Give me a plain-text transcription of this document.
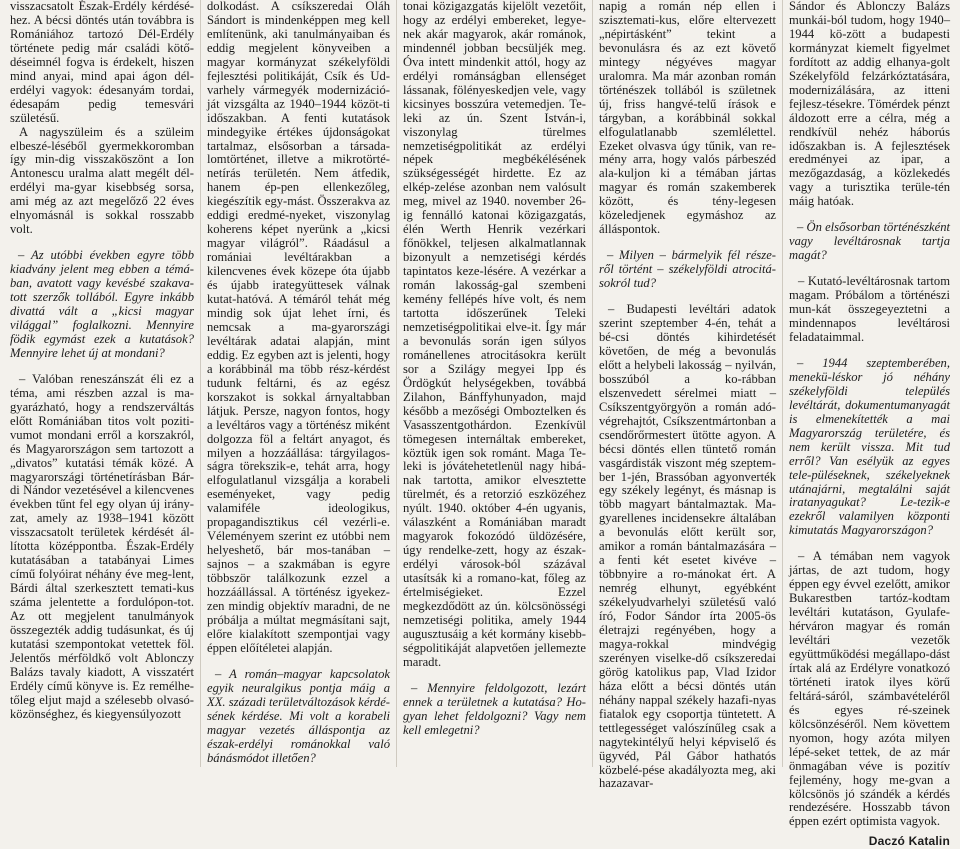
visszacsatolt Észak-Erdély kérdésé-hez. A bécsi döntés után továbbra is Romániához tartozó Dél-Erdély története pedig már családi kötő-déseimnél fogva is érdekelt, hiszen mind anyai, mind apai ágon dél-erdélyi vagyok: édesanyám tordai, édesapám pedig temesvári születésű.

A nagyszüleim és a szüleim elbeszé-léséből gyermekkoromban így min-dig visszaköszönt a Ion Antonescu uralma alatt megélt dél-erdélyi ma-gyar kisebbség sorsa, ami még az azt megelőző 22 éves elnyomásnál is sokkal rosszabb volt.

– Az utóbbi években egyre több kiadvány jelent meg ebben a témá-ban, avatott vagy kevésbé szakava-tott szerzők tollából. Egyre inkább divattá vált a „kicsi magyar világgal” foglalkozni. Mennyire födik egymást ezek a kutatások? Mennyire lehet új at mondani?

– Valóban reneszánszát éli ez a téma, ami részben azzal is ma-gyarázható, hogy a rendszerváltás előtt Romániában titos volt poziti-vumot mondani erről a korszakról, és Magyarországon sem tartozott a „divatos” kutatási témák közé. A magyarországi történetírásban Bár-di Nándor vezetésével a kilencvenes években tűnt fel egy olyan új irány-zat, amely az 1938–1941 között visszacsatolt területek kérdését ál-lította középpontba. Észak-Erdély kutatásában a tatabányai Limes című folyóirat néhány éve meg-lent, Bárdi által szerkesztett temati-kus száma jelentette a fordulópon-tot. Az ott megjelent tanulmányok összegezték addig tudásunkat, és új kutatási szempontokat vetettek föl. Jelentős mérföldkő volt Ablonczy Balázs tavaly kiadott, A visszatért Erdély című könyve is. Ez remélhe-tőleg eljut majd a szélesebb olvasó-közönséghez, és kiegyensúlyozott

dolkodást. A csíkszeredai Oláh Sándort is mindenképpen meg kell említenünk, aki tanulmányaiban és eddig megjelent könyveiben a magyar kormányzat székelyföldi fejlesztési politikáját, Csík és Ud-varhely vármegyék modernizáció-ját vizsgálta az 1940–1944 közöt-ti időszakban. A fenti kutatások mindegyike értékes újdonságokat tartalmaz, elsősorban a társada-lomtörténet, illetve a mikrotörté-netírás területén. Nem átfedik, hanem ép-pen ellenkezőleg, kiegészítik egy-mást. Összerakva az eddigi eredmé-nyeket, viszonylag koherens képet nyerünk a „kicsi magyar világról”. Ráadásul a romániai levéltárakban a kilencvenes évek közepe óta újabb és újabb irategyüttesek válnak kutat-hatóvá. A témáról tehát még mindig sok újat lehet írni, és nemcsak a ma-gyarországi levéltárak adatai alapján, mint eddig. Ez egyben azt is jelenti, hogy a korábbinál ma több rész-kérdést tudunk feltárni, és az egész korszakot is sokkal árnyaltabban látjuk. Persze, nagyon fontos, hogy a levéltáros vagy a történész miként dolgozza föl a feltárt anyagot, és milyen a hozzáállása: tárgyilagos-ságra törekszik-e, tehát arra, hogy elfogulatlanul vizsgálja a korabeli eseményeket, vagy pedig valamiféle ideologikus, propagandisztikus cél vezérli-e. Véleményem szerint ez utóbbi nem helyeshető, bár mos-tanában – sajnos – a szakmában is egyre többször találkozunk ezzel a hozzáállással. A történész igyekez-zen mindig objektív maradni, de ne próbálja a múltat megmásítani sajt, előre kialakított szempontjai vagy éppen előítéletei alapján.

– A román–magyar kapcsolatok egyik neuralgikus pontja máig a XX. századi területváltozások kérdé-sének kérdése. Mi volt a korabeli magyar vezetés álláspontja az észak-erdélyi románokkal való bánásmódot illetően?

tonai közigazgatás kijelölt vezetőit, hogy az erdélyi embereket, legye-nek akár magyarok, akár románok, mindennél jobban becsüljék meg. Óva intett mindenkit attól, hogy az erdélyi románságban ellenséget lássanak, fölényeskedjen vele, vagy kicsinyes bosszúra vetemedjen. Te-leki az ún. Szent István-i, viszonylag türelmes nemzetiségpolitikát az erdélyi népek megbékélésének szükségességét hirdette. Ez az elkép-zelése azonban nem valósult meg, mivel az 1940. november 26-ig fennálló katonai közigazgatás, élén Werth Henrik vezérkari főnökkel, teljesen alkalmatlannak bizonyult a nemzetiségi kérdés tapintatos keze-lésére. A vezérkar a román lakosság-gal szembeni kemény fellépés híve volt, és nem tartotta időszerűnek Teleki nemzetiségpolitikai elve-it. Így már a bevonulás során igen súlyos románellenes atrocitásokra került sor a Szilágy megyei Ipp és Ördögkút helységekben, továbbá Zilahon, Bánffyhunyadon, majd később a mezőségi Omboztelken és Vasasszentgothárdon. Ezenkívül tömegesen internáltak embereket, köztük igen sok románt. Maga Te-leki is jóvátehetetlenül nagy hibá-nak tartotta, amikor elvesztette türelmét, és a retorzió eszközéhez nyúlt. 1940. október 4-én ugyanis, válaszként a Romániában maradt magyarok fokozódó üldözésére, úgy rendelke-zett, hogy az észak-erdélyi városok-ból százával utasítsák ki a romano-kat, főleg az értelmiségieket. Ezzel megkezdődött az ún. kölcsönösségi nemzetiségi politika, amely 1944 augusztusáig a két kormány kisebb-ségpolitikáját alapvetően jellemezte maradt.

– Mennyire feldolgozott, lezárt ennek a területnek a kutatása? Ho-gyan lehet feldolgozni? Vagy nem kell emlegetni?

napig a román nép ellen i szisztemati-kus, előre eltervezett „népirtásként” tekint a bevonulásra és az ezt követő mintegy négyéves magyar uralomra. Ma már azonban román történészek tollából is születnek új, friss hangvé-telű írások e tárgyban, a korábbinál sokkal elfogulatlanabb szemlélettel. Ezeket olvasva úgy tűnik, van re-mény arra, hogy valós párbeszéd ala-kuljon ki a témában jártas magyar és román szakemberek között, és tény-legesen közeledjenek egymáshoz az álláspontok.

– Milyen – bármelyik fél része-ről történt – székelyföldi atrocitá-sokról tud?

– Budapesti levéltári adatok szerint szeptember 4-én, tehát a bé-csi döntés kihirdetését követően, de még a bevonulás előtt a helybeli lakosság – nyilván, bosszúból a ko-rábban elszenvedett sérelmei miatt – Csíkszentgyörgyön a román adó-végrehajtót, Csíkszentmártonban a csendőrőrmestert ütötte agyon. A bécsi döntés ellen tüntető román vasgárdisták viszont még szeptem-ber 1-jén, Brassóban agyonverték egy székely legényt, és másnap is több magyart bántalmaztak. Ma-gyarellenes incidensekre általában a bevonulás előtt került sor, amikor a román bántalmazására – a fenti két esetet kivéve – többnyire a ro-mánokat ért. A nemrég elhunyt, egyébként székelyudvarhelyi születésű való író, Fodor Sándor írta 2005-ös életrajzi regényében, hogy a magya-rokkal mindvégig szerényen viselke-dő csíkszeredai görög katolikus pap, Vlad Izidor háza előtt a bécsi döntés után néhány nappal székely hazafi-nyas fiatalok egy csoportja tüntetett. A tettlegességet valószínűleg csak a nagytekintélyű helyi képviselő és ügyvéd, Pál Gábor hathatós közbelé-pése akadályozta meg, aki hazazavar-

Sándor és Ablonczy Balázs munkái-ból tudom, hogy 1940–1944 kö-zött a budapesti kormányzat kiemelt figyelmet fordított az addig elhanya-golt Székelyföld felzárkóztatására, modernizálására, az itteni fejlesz-tésekre. Tömérdek pénzt áldozott erre a célra, még a rendkívül nehéz háborús időszakban is. A fejlesztések eredményei az ipar, a mezőgazdaság, a közlekedés vagy a turisztika terüle-tén máig hatóak.

– Ön elsősorban történészként vagy levéltárosnak tartja magát?

– Kutató-levéltárosnak tartom magam. Próbálom a történészi mun-kát összegeyeztetni a mindennapos levéltárosi feladataimmal.

– 1944 szeptemberében, menekü-léskor jó néhány székelyföldi település levéltárát, dokumentumanyagát is elmenekítették a mai Magyarország területére, és nem került vissza. Mit tud erről? Van esélyük az egyes tele-püléseknek, székelyeknek utánajárni, megtalálni saját iratanyagukat? Le-tezik-e ezekről valamilyen központi kimutatás Magyarországon?

– A témában nem vagyok jártas, de azt tudom, hogy éppen egy évvel ezelőtt, amikor Bukarestben tartóz-kodtam levéltári kutatáson, Gyulafe-hérváron magyar és román levéltári vezetők együttműködési megállapo-dást írtak alá az Erdélyre vonatkozó történeti iratok ilyes körű feltárá-sáról, számbavételéről és egyes ré-szeinek kölcsönzéséről. Nem követtem nyomon, hogy azóta milyen lépé-seket tettek, de az már önmagában véve is pozitív fejlemény, hogy me-gvan a kölcsönös jó szándék a kérdés rendezésére. Hosszabb távon éppen ezért optimista vagyok.

Daczó Katalin
